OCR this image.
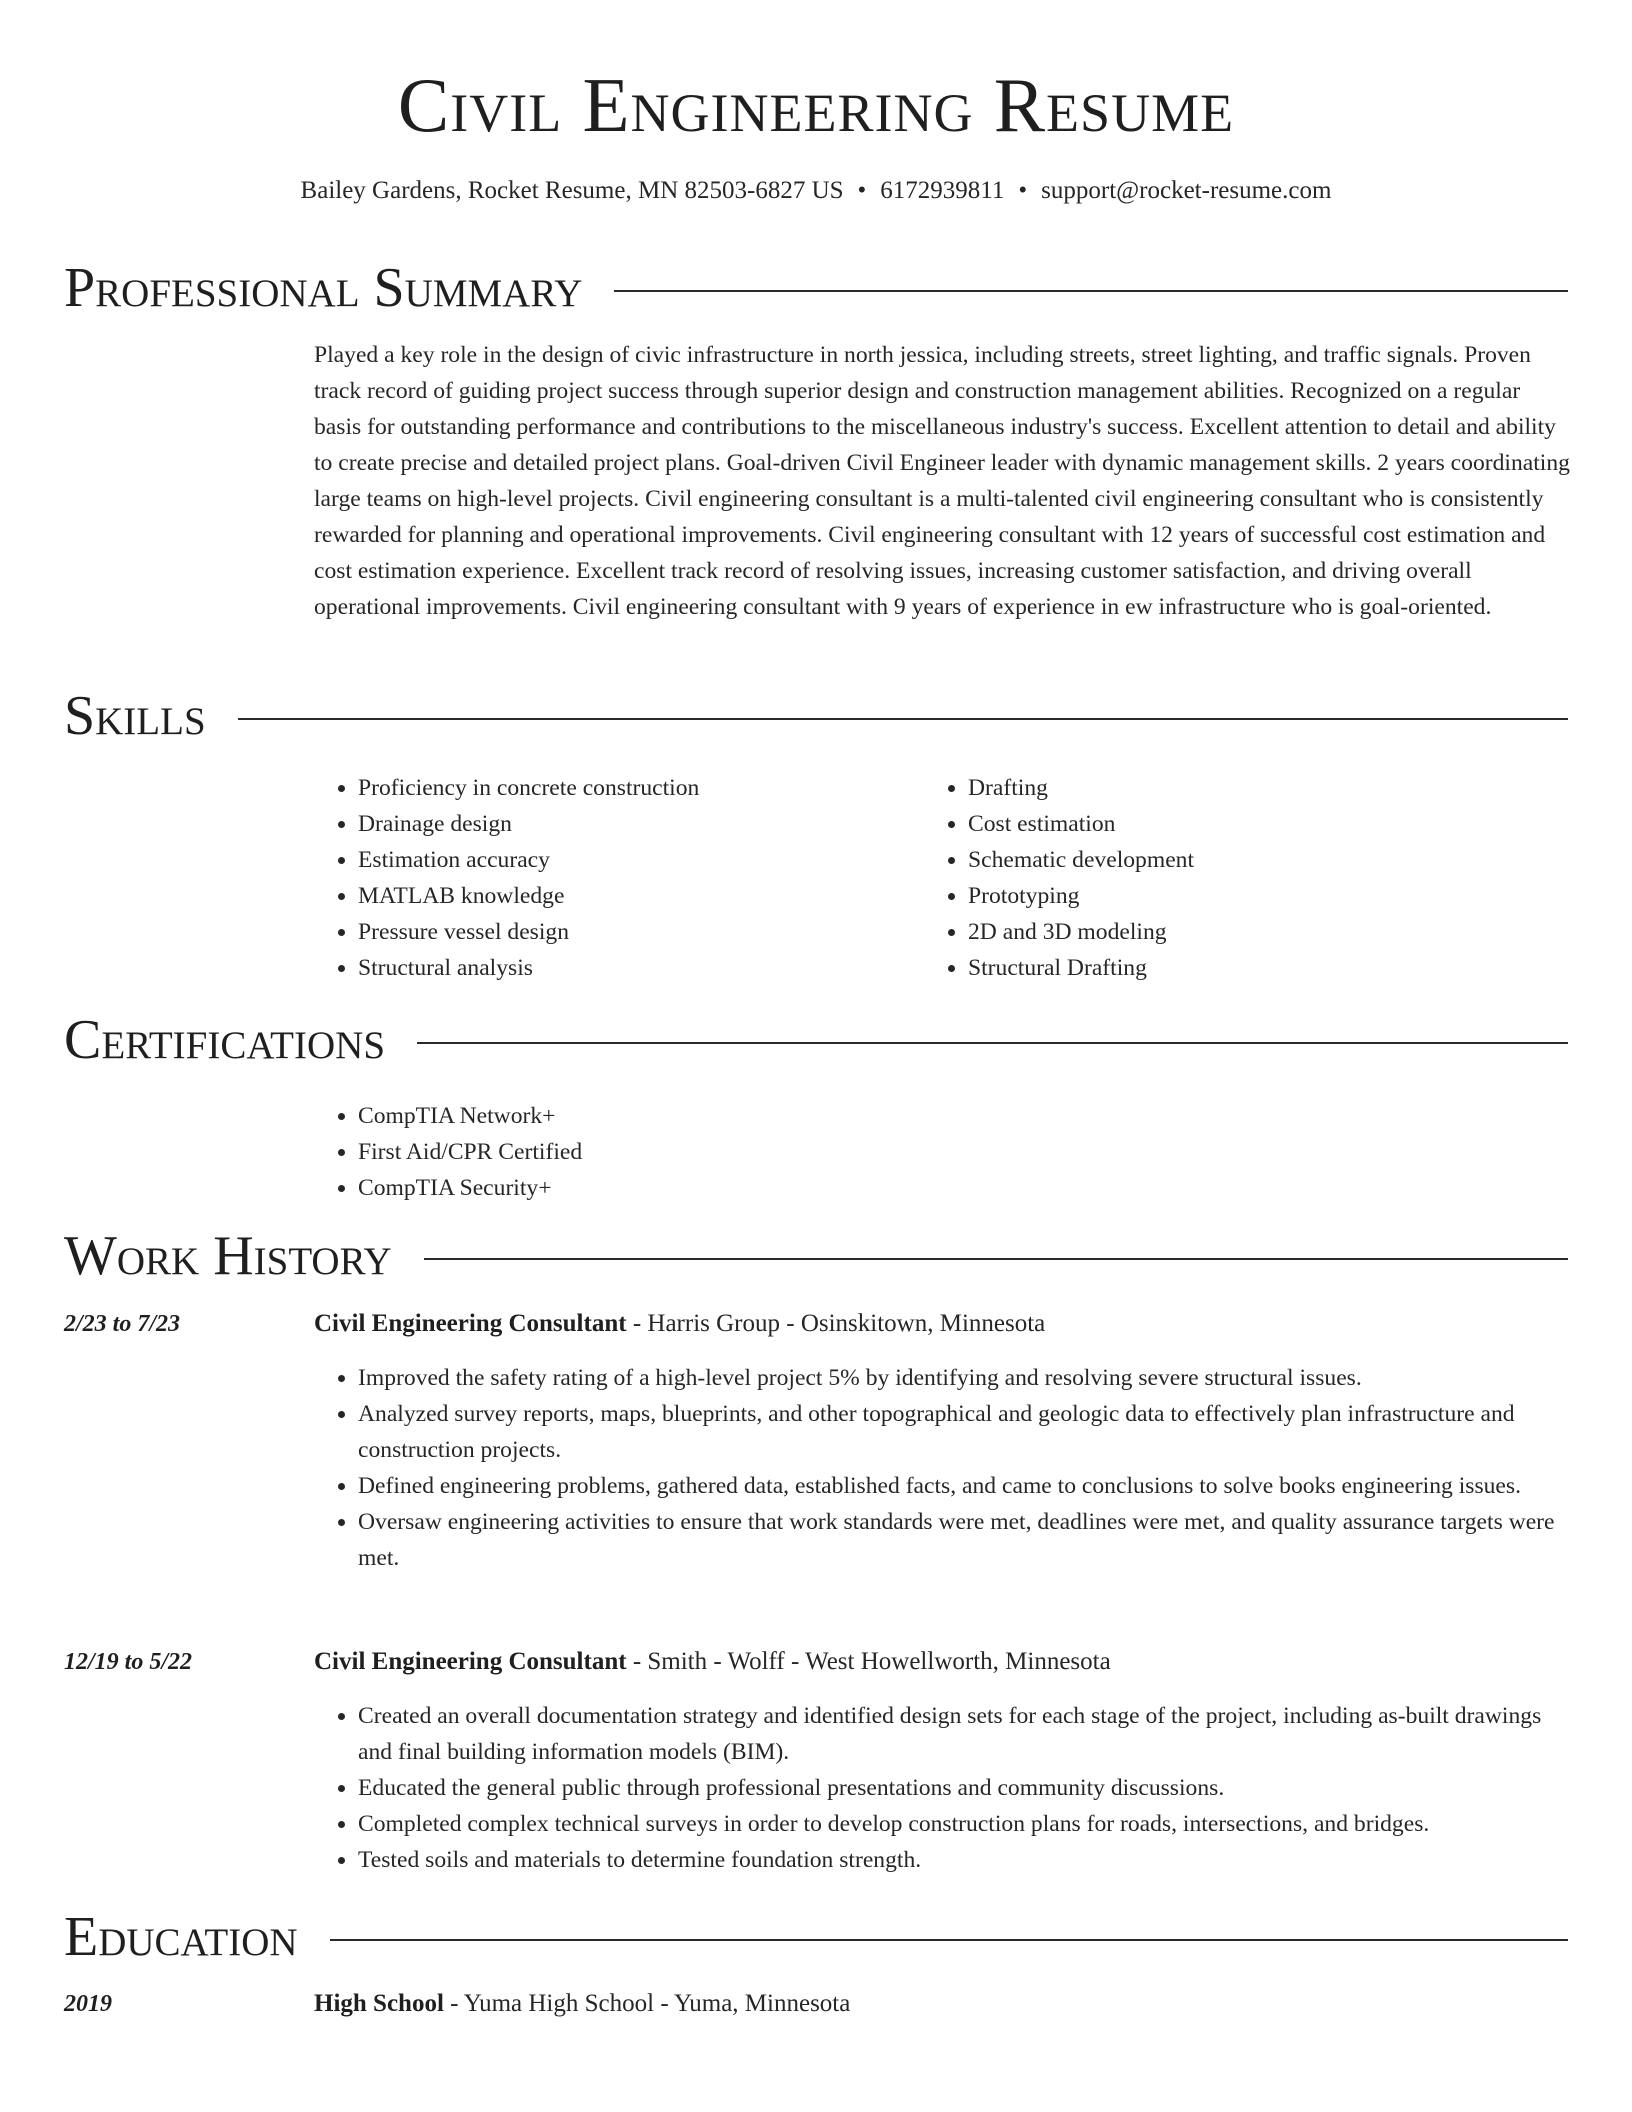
Civil Engineering Resume
Bailey Gardens, Rocket Resume, MN 82503-6827 US • 6172939811 • support@rocket-resume.com
Professional Summary

Played a key role in the design of civic infrastructure in north jessica, including streets, street lighting, and traffic signals. Proven track record of guiding project success through superior design and construction management abilities. Recognized on a regular basis for outstanding performance and contributions to the miscellaneous industry's success. Excellent attention to detail and ability to create precise and detailed project plans. Goal-driven Civil Engineer leader with dynamic management skills. 2 years coordinating large teams on high-level projects. Civil engineering consultant is a multi-talented civil engineering consultant who is consistently rewarded for planning and operational improvements. Civil engineering consultant with 12 years of successful cost estimation and cost estimation experience. Excellent track record of resolving issues, increasing customer satisfaction, and driving overall operational improvements. Civil engineering consultant with 9 years of experience in ew infrastructure who is goal-oriented.

Skills
• Proficiency in concrete construction
• Drainage design
• Estimation accuracy
• MATLAB knowledge
• Pressure vessel design
• Structural analysis
• Drafting
• Cost estimation
• Schematic development
• Prototyping
• 2D and 3D modeling
• Structural Drafting
Certifications
• CompTIA Network+
• First Aid/CPR Certified
• CompTIA Security+
Work History
2/23 to 7/23	Civil Engineering Consultant - Harris Group - Osinskitown, Minnesota
• Improved the safety rating of a high-level project 5% by identifying and resolving severe structural issues.
• Analyzed survey reports, maps, blueprints, and other topographical and geologic data to effectively plan infrastructure and construction projects.
• Defined engineering problems, gathered data, established facts, and came to conclusions to solve books engineering issues.
• Oversaw engineering activities to ensure that work standards were met, deadlines were met, and quality assurance targets were met.
12/19 to 5/22	Civil Engineering Consultant - Smith - Wolff - West Howellworth, Minnesota
• Created an overall documentation strategy and identified design sets for each stage of the project, including as-built drawings and final building information models (BIM).
• Educated the general public through professional presentations and community discussions.
• Completed complex technical surveys in order to develop construction plans for roads, intersections, and bridges.
• Tested soils and materials to determine foundation strength.
Education
2019	High School - Yuma High School - Yuma, Minnesota
